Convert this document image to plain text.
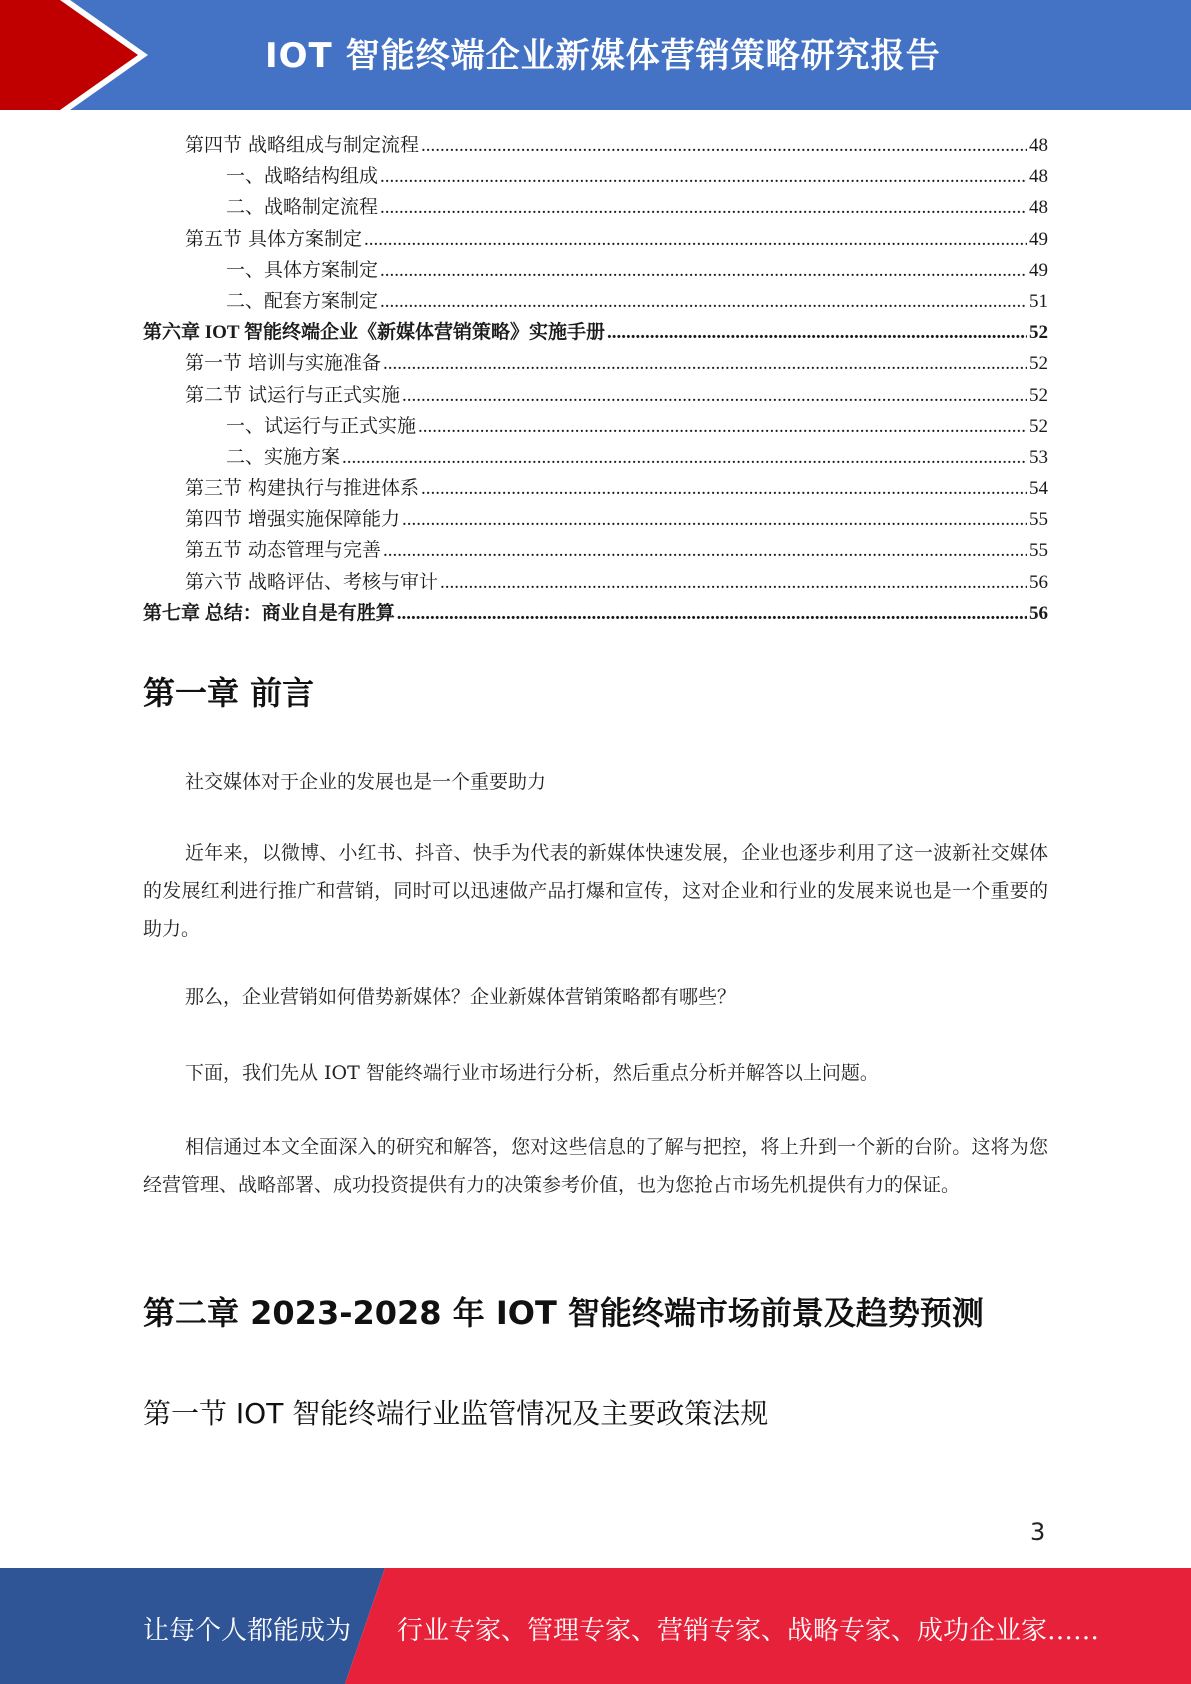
IOT 智能终端企业新媒体营销策略研究报告
第四节 战略组成与制定流程 .....	48
一、战略结构组成 .....	48
二、战略制定流程 .....	48
第五节 具体方案制定 .....	49
一、具体方案制定 .....	49
二、配套方案制定 .....	51
第六章 IOT 智能终端企业《新媒体营销策略》实施手册 .....	52
第一节 培训与实施准备 .....	52
第二节 试运行与正式实施 .....	52
一、试运行与正式实施 .....	52
二、实施方案 .....	53
第三节 构建执行与推进体系 .....	54
第四节 增强实施保障能力 .....	55
第五节 动态管理与完善 .....	55
第六节 战略评估、考核与审计 .....	56
第七章 总结：商业自是有胜算 .....	56
第一章 前言
社交媒体对于企业的发展也是一个重要助力
近年来，以微博、小红书、抖音、快手为代表的新媒体快速发展，企业也逐步利用了这一波新社交媒体的发展红利进行推广和营销，同时可以迅速做产品打爆和宣传，这对企业和行业的发展来说也是一个重要的助力。
那么，企业营销如何借势新媒体？企业新媒体营销策略都有哪些？
下面，我们先从 IOT 智能终端行业市场进行分析，然后重点分析并解答以上问题。
相信通过本文全面深入的研究和解答，您对这些信息的了解与把控，将上升到一个新的台阶。这将为您经营管理、战略部署、成功投资提供有力的决策参考价值，也为您抢占市场先机提供有力的保证。
第二章 2023-2028 年 IOT 智能终端市场前景及趋势预测
第一节 IOT 智能终端行业监管情况及主要政策法规
3
让每个人都能成为 行业专家、管理专家、营销专家、战略专家、成功企业家……
